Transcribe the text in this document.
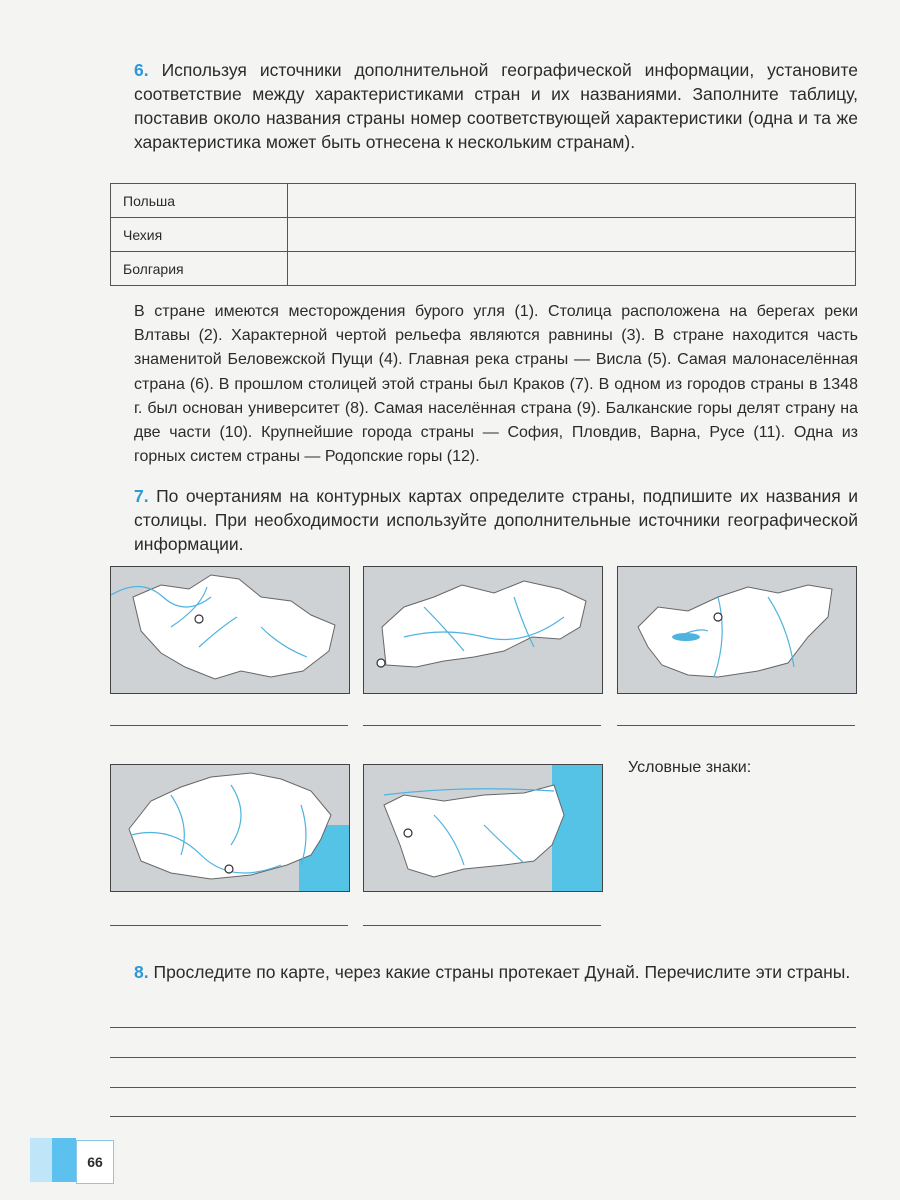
6. Используя источники дополнительной географической информации, установите соответствие между характеристиками стран и их названиями. Заполните таблицу, поставив около названия страны номер соответствующей характеристики (одна и та же характеристика может быть отнесена к нескольким странам).
Польша	
Чехия	
Болгария	
В стране имеются месторождения бурого угля (1). Столица расположена на берегах реки Влтавы (2). Характерной чертой рельефа являются равнины (3). В стране находится часть знаменитой Беловежской Пущи (4). Главная река страны — Висла (5). Самая малонаселённая страна (6). В прошлом столицей этой страны был Краков (7). В одном из городов страны в 1348 г. был основан университет (8). Самая населённая страна (9). Балканские горы делят страну на две части (10). Крупнейшие города страны — София, Пловдив, Варна, Русе (11). Одна из горных систем страны — Родопские горы (12).
7. По очертаниям на контурных картах определите страны, подпишите их названия и столицы. При необходимости используйте дополнительные источники географической информации.
Условные знаки:
8. Проследите по карте, через какие страны протекает Дунай. Перечислите эти страны.
66
